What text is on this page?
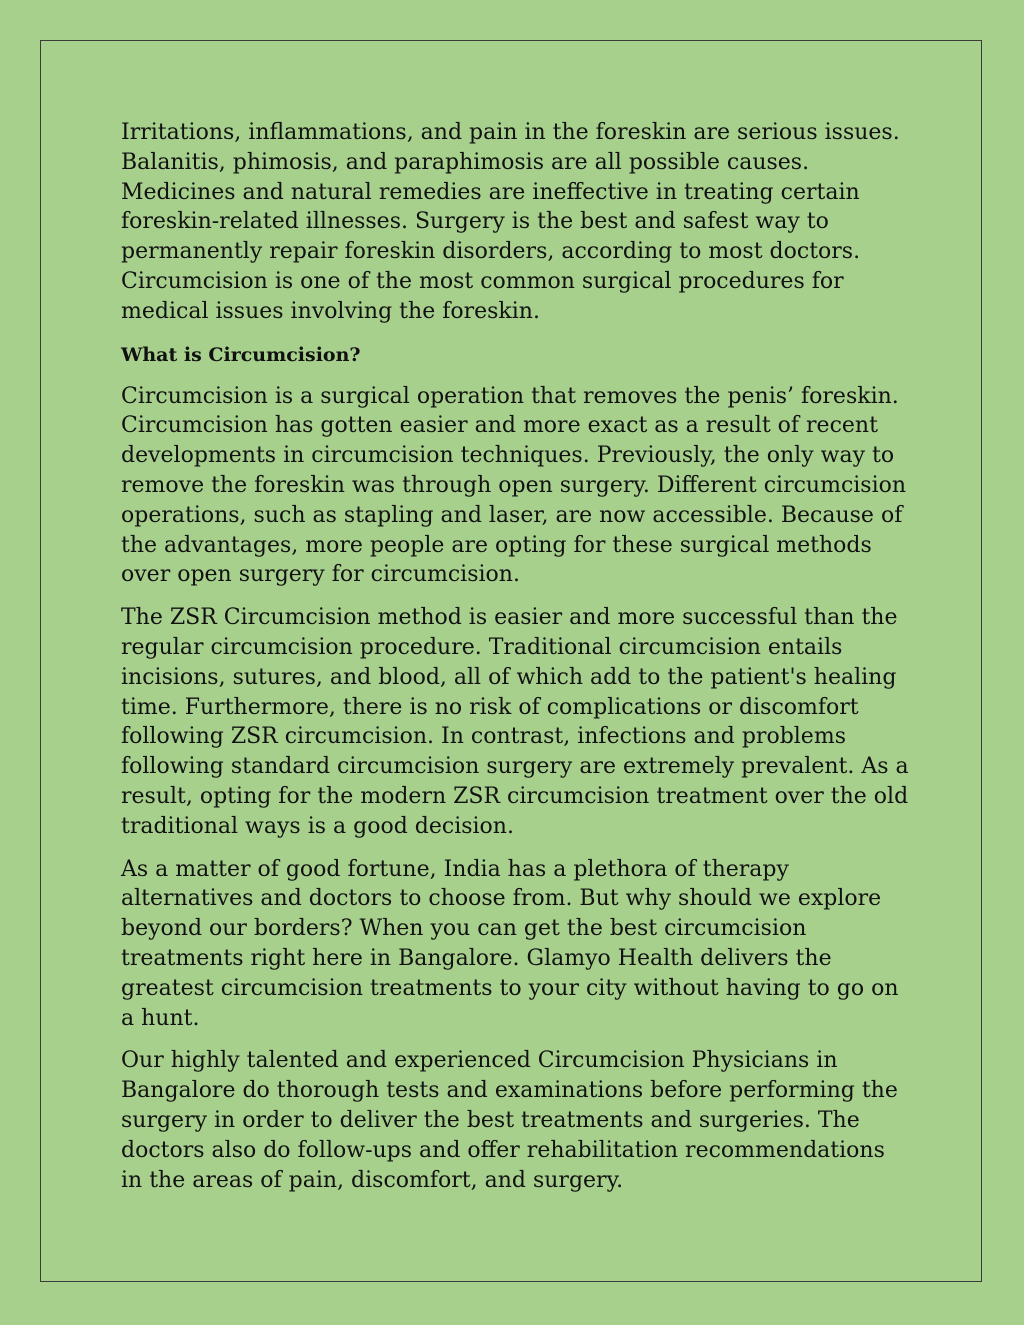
Irritations, inflammations, and pain in the foreskin are serious issues. Balanitis, phimosis, and paraphimosis are all possible causes. Medicines and natural remedies are ineffective in treating certain foreskin-related illnesses. Surgery is the best and safest way to permanently repair foreskin disorders, according to most doctors. Circumcision is one of the most common surgical procedures for medical issues involving the foreskin.

What is Circumcision?

Circumcision is a surgical operation that removes the penis’ foreskin. Circumcision has gotten easier and more exact as a result of recent developments in circumcision techniques. Previously, the only way to remove the foreskin was through open surgery. Different circumcision operations, such as stapling and laser, are now accessible. Because of the advantages, more people are opting for these surgical methods over open surgery for circumcision.

The ZSR Circumcision method is easier and more successful than the regular circumcision procedure. Traditional circumcision entails incisions, sutures, and blood, all of which add to the patient's healing time. Furthermore, there is no risk of complications or discomfort following ZSR circumcision. In contrast, infections and problems following standard circumcision surgery are extremely prevalent. As a result, opting for the modern ZSR circumcision treatment over the old traditional ways is a good decision.

As a matter of good fortune, India has a plethora of therapy alternatives and doctors to choose from. But why should we explore beyond our borders? When you can get the best circumcision treatments right here in Bangalore. Glamyo Health delivers the greatest circumcision treatments to your city without having to go on a hunt.

Our highly talented and experienced Circumcision Physicians in Bangalore do thorough tests and examinations before performing the surgery in order to deliver the best treatments and surgeries. The doctors also do follow-ups and offer rehabilitation recommendations in the areas of pain, discomfort, and surgery.
